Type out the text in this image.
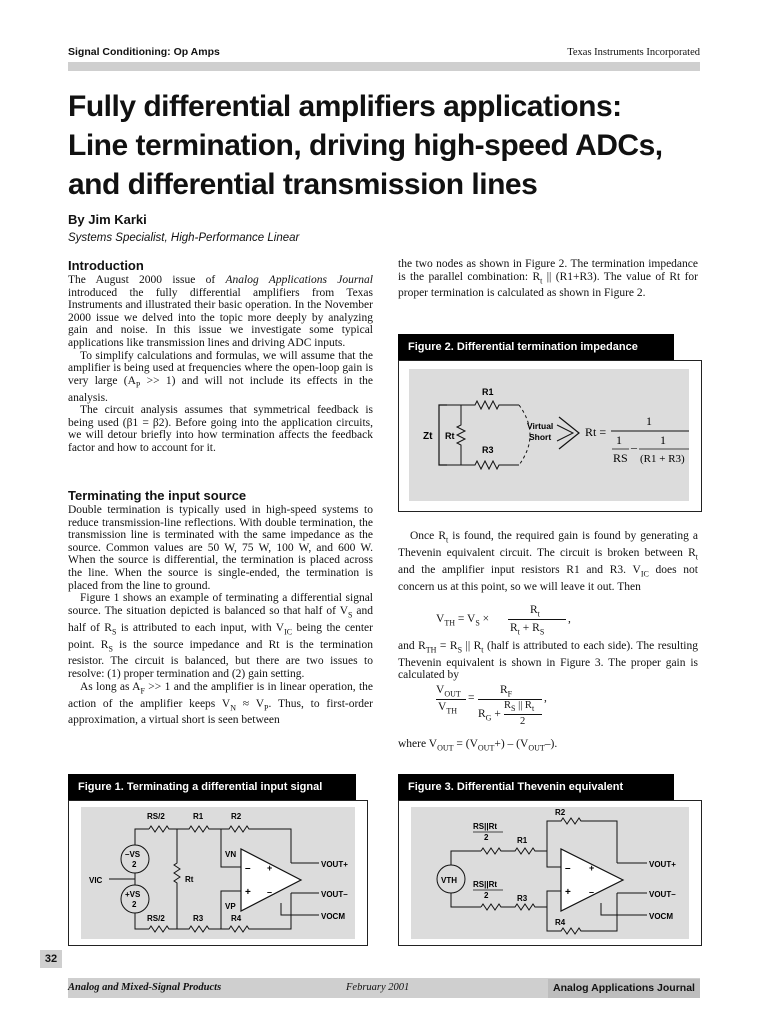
Signal Conditioning: Op Amps	Texas Instruments Incorporated
Fully differential amplifiers applications:
Line termination, driving high-speed ADCs,
and differential transmission lines
By Jim Karki
Systems Specialist, High-Performance Linear
Introduction

The August 2000 issue of Analog Applications Journal introduced the fully differential amplifiers from Texas Instruments and illustrated their basic operation. In the November 2000 issue we delved into the topic more deeply by analyzing gain and noise. In this issue we investigate some typical applications like transmission lines and driving ADC inputs.

To simplify calculations and formulas, we will assume that the amplifier is being used at frequencies where the open-loop gain is very large $(A_P >> 1)$ and will not include its effects in the analysis.

The circuit analysis assumes that symmetrical feedback is being used (β1 = β2). Before going into the application circuits, we will detour briefly into how termination affects the feedback factor and how to account for it.

Terminating the input source

Double termination is typically used in high-speed systems to reduce transmission-line reflections. With double termination, the transmission line is terminated with the same impedance as the source. Common values are 50 W, 75 W, 100 W, and 600 W. When the source is differential, the termination is placed across the line. When the source is single-ended, the termination is placed from the line to ground.

Figure 1 shows an example of terminating a differential signal source. The situation depicted is balanced so that half of $V_S$ and half of $R_S$ is attributed to each input, with $V_{IC}$ being the center point. $R_S$ is the source impedance and Rt is the termination resistor. The circuit is balanced, but there are two issues to resolve: (1) proper termination and (2) gain setting.

As long as $A_F >> 1$ and the amplifier is in linear operation, the action of the amplifier keeps $V_N \approx V_P$. Thus, to first-order approximation, a virtual short is seen between

the two nodes as shown in Figure 2. The termination impedance is the parallel combination: $R_t$ || (R1+R3). The value of Rt for proper termination is calculated as shown in Figure 2.

Figure 2. Differential termination impedance
Zt Rt
R1
R3
Virtual
Short	Rt =
1
1
RS
– 1
(R1 + R3)

Once $R_t$ is found, the required gain is found by generating a Thevenin equivalent circuit. The circuit is broken between $R_t$ and the amplifier input resistors R1 and R3. $V_{IC}$ does not concern us at this point, so we will leave it out. Then

$V_{TH} = V_S$ ×
$R_t$
$R_t + R_S$
,

and $R_{TH} = R_S$ || $R_t$ (half is attributed to each side). The resulting Thevenin equivalent is shown in Figure 3. The proper gain is calculated by

$V_{OUT}$
$V_{TH}$
=
$R_F$
$R_G$ +
$R_S$ || $R_t$
2
,

where $V_{OUT} = (V_{OUT}+) - (V_{OUT}-)$.

Figure 1. Terminating a differential input signal
–VS
2
+VS
2
VIC
RS/2	R1	R2
Rt
RS/2	R3	R4
VN
VP
–
+
+
–
VOUT+
VOUT–
VOCM
Figure 3. Differential Thevenin equivalent
VTH
RS||Rt
2	R1
RS||Rt
2	R3
R2
R4
–
+
+
–
VOUT+
VOUT–
VOCM
32
Analog and Mixed-Signal Products	February 2001	Analog Applications Journal
